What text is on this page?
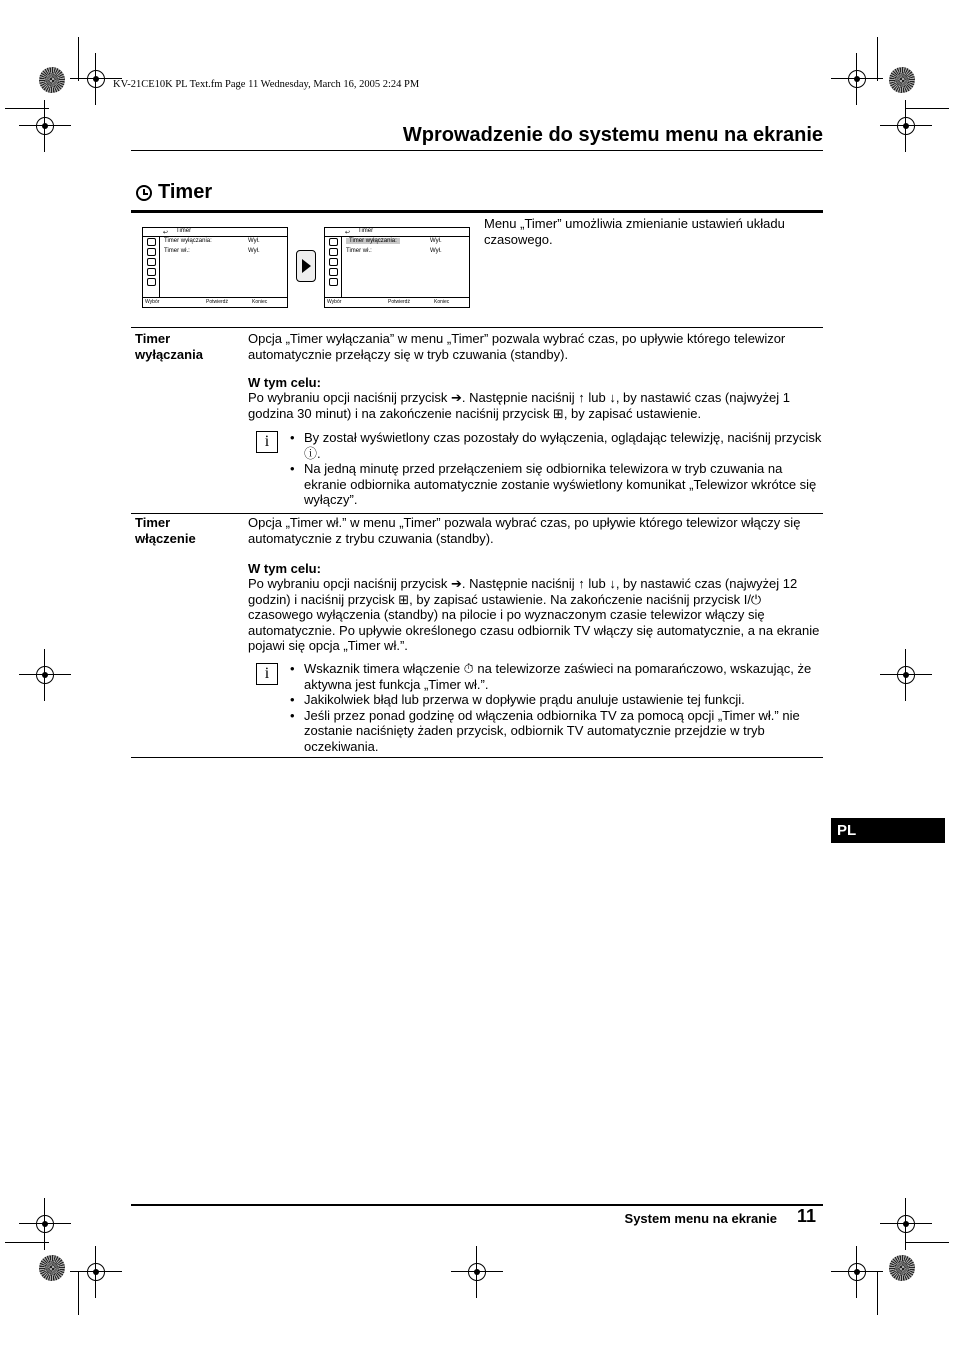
KV-21CE10K PL Text.fm Page 11 Wednesday, March 16, 2005 2:24 PM
Wprowadzenie do systemu menu na ekranie
Timer
↩ Timer
Timer wyłączania:	Wył.
Timer wł.:	Wył.
Wybór	Potwierdź	Koniec
↩ Timer
Timer wyłączania:	Wył.
Timer wł.:	Wył.
Wybór	Potwierdź	Koniec
Menu „Timer” umożliwia zmienianie ustawień układu czasowego.
Timer
wyłączania
Opcja „Timer wyłączania” w menu „Timer” pozwala wybrać czas, po upływie którego telewizor automatycznie przełączy się w tryb czuwania (standby).
W tym celu:
Po wybraniu opcji naciśnij przycisk ➔. Następnie naciśnij ↑ lub ↓, by nastawić czas (najwyżej 1 godzina 30 minut) i na zakończenie naciśnij przycisk ⊞, by zapisać ustawienie.
i	• By został wyświetlony czas pozostały do wyłączenia, oglądając telewizję, naciśnij przycisk ⓘ.
• Na jedną minutę przed przełączeniem się odbiornika telewizora w tryb czuwania na ekranie odbiornika automatycznie zostanie wyświetlony komunikat „Telewizor wkrótce się wyłączy”.
Timer
włączenie
Opcja „Timer wł.” w menu „Timer” pozwala wybrać czas, po upływie którego telewizor włączy się automatycznie z trybu czuwania (standby).
W tym celu:
Po wybraniu opcji naciśnij przycisk ➔. Następnie naciśnij ↑ lub ↓, by nastawić czas (najwyżej 12 godzin) i naciśnij przycisk ⊞, by zapisać ustawienie. Na zakończenie naciśnij przycisk I/⏻ czasowego wyłączenia (standby) na pilocie i po wyznaczonym czasie telewizor włączy się automatycznie. Po upływie określonego czasu odbiornik TV włączy się automatycznie, a na ekranie pojawi się opcja „Timer wł.”.
i	• Wskaznik timera włączenie ⏱ na telewizorze zaświeci na pomarańczowo, wskazując, że aktywna jest funkcja „Timer wł.”.
• Jakikolwiek błąd lub przerwa w dopływie prądu anuluje ustawienie tej funkcji.
• Jeśli przez ponad godzinę od włączenia odbiornika TV za pomocą opcji „Timer wł.” nie zostanie naciśnięty żaden przycisk, odbiornik TV automatycznie przejdzie w tryb oczekiwania.
PL
System menu na ekranie 11
